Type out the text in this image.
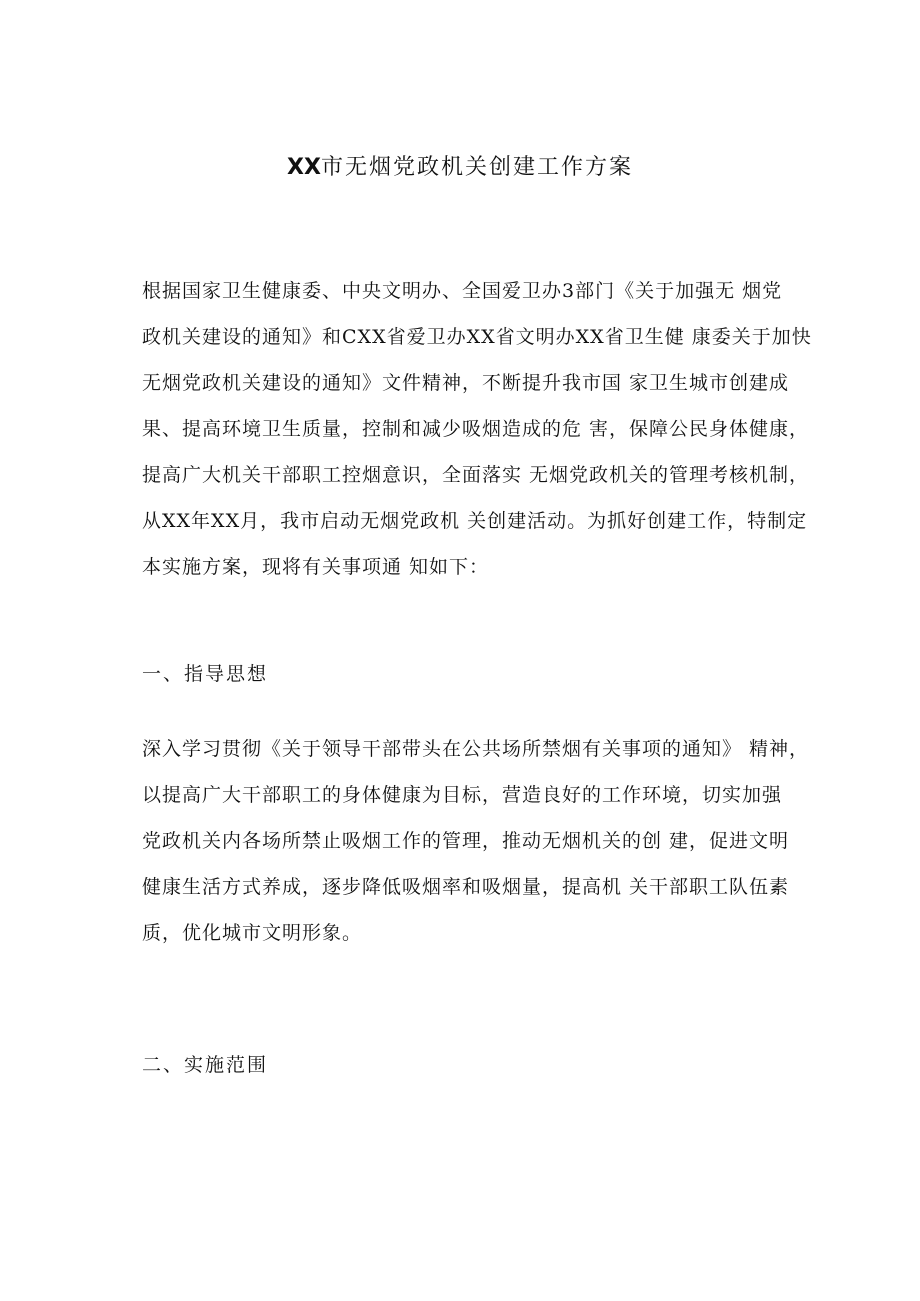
XX市无烟党政机关创建工作方案
根据国家卫生健康委、中央文明办、全国爱卫办3部门《关于加强无 烟党
政机关建设的通知》和CXX省爱卫办XX省文明办XX省卫生健 康委关于加快
无烟党政机关建设的通知》文件精神，不断提升我市国 家卫生城市创建成
果、提高环境卫生质量，控制和减少吸烟造成的危 害，保障公民身体健康，
提高广大机关干部职工控烟意识，全面落实 无烟党政机关的管理考核机制，
从XX年XX月，我市启动无烟党政机 关创建活动。为抓好创建工作，特制定
本实施方案，现将有关事项通 知如下：
一、指导思想
深入学习贯彻《关于领导干部带头在公共场所禁烟有关事项的通知》 精神，
以提高广大干部职工的身体健康为目标，营造良好的工作环境，切实加强
党政机关内各场所禁止吸烟工作的管理，推动无烟机关的创 建，促进文明
健康生活方式养成，逐步降低吸烟率和吸烟量，提高机 关干部职工队伍素
质，优化城市文明形象。
二、实施范围
